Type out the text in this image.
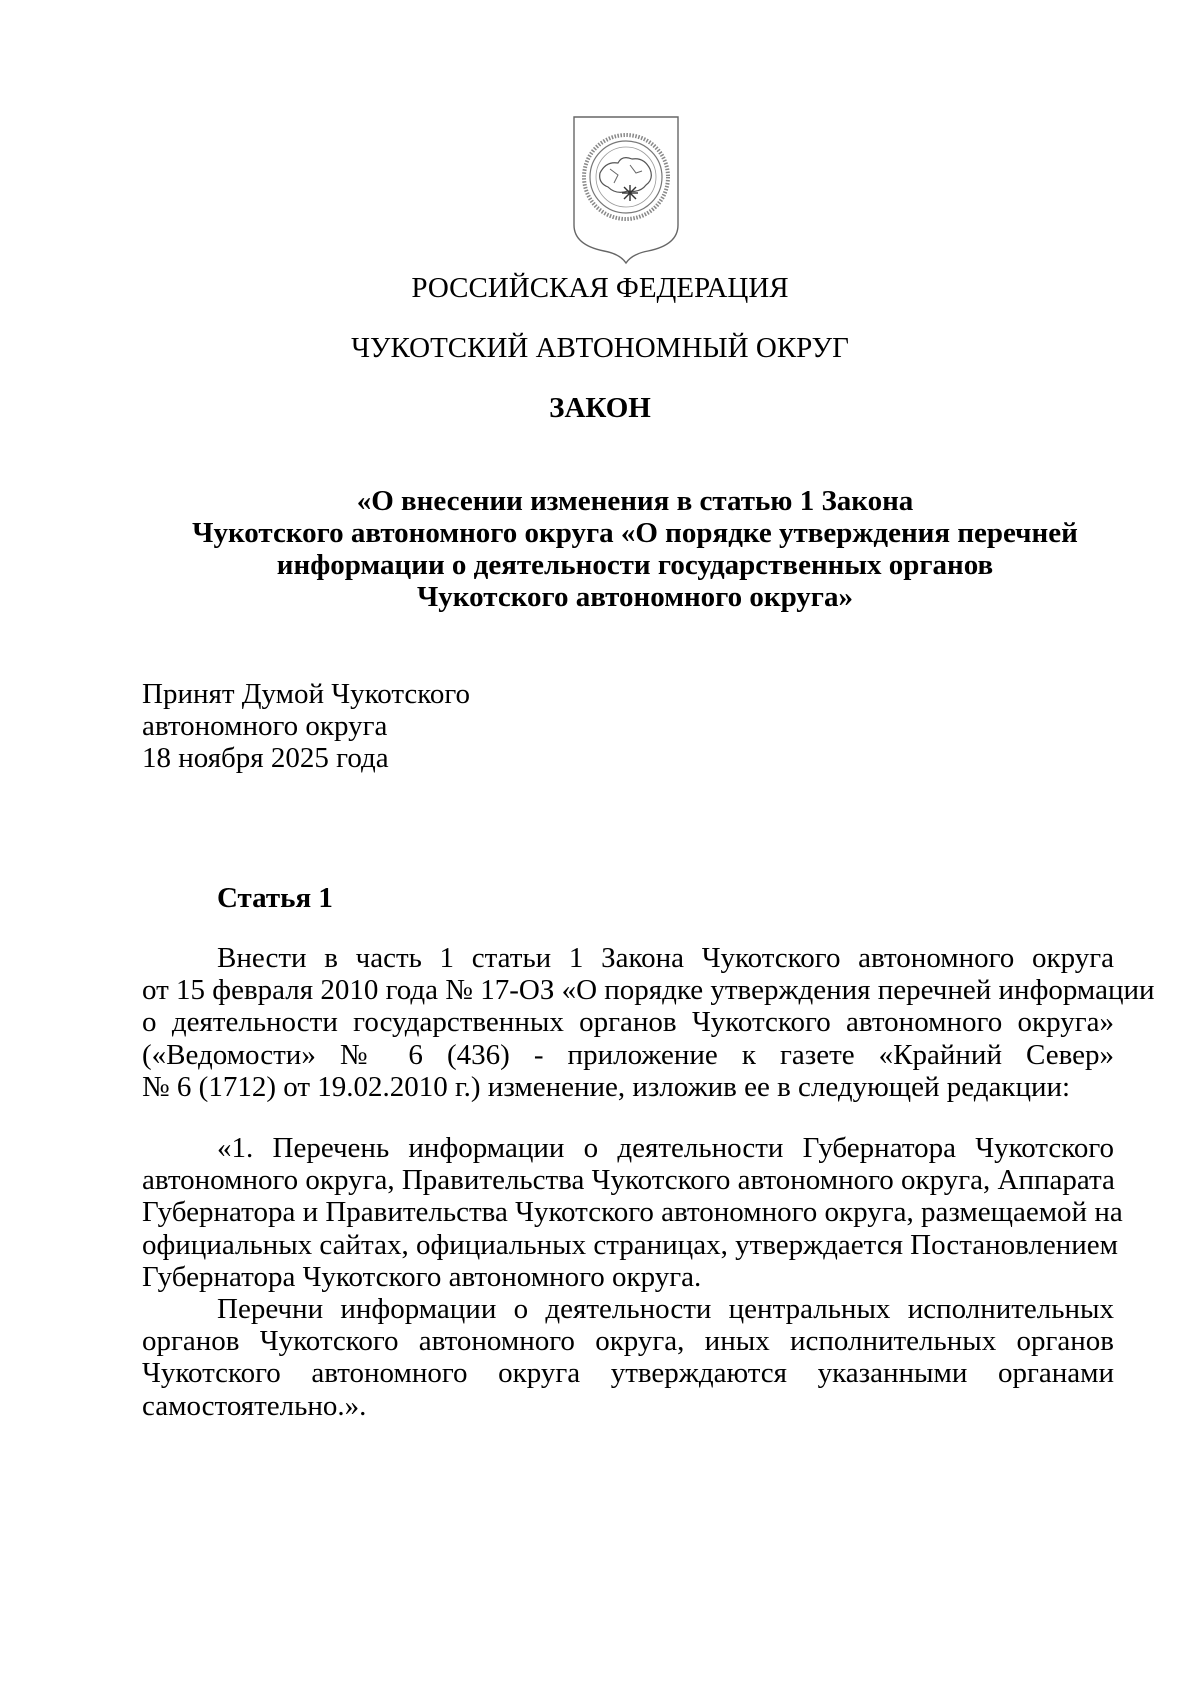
РОССИЙСКАЯ ФЕДЕРАЦИЯ
ЧУКОТСКИЙ АВТОНОМНЫЙ ОКРУГ
ЗАКОН
«О внесении изменения в статью 1 Закона
Чукотского автономного округа «О порядке утверждения перечней
информации о деятельности государственных органов
Чукотского автономного округа»
Принят Думой Чукотского
автономного округа
18 ноября 2025 года
Статья 1
Внести в часть 1 статьи 1 Закона Чукотского автономного округа
от 15 февраля 2010 года № 17-ОЗ «О порядке утверждения перечней информации
о деятельности государственных органов Чукотского автономного округа»
(«Ведомости» № 6 (436) - приложение к газете «Крайний Север»
№ 6 (1712) от 19.02.2010 г.) изменение, изложив ее в следующей редакции:
«1. Перечень информации о деятельности Губернатора Чукотского
автономного округа, Правительства Чукотского автономного округа, Аппарата
Губернатора и Правительства Чукотского автономного округа, размещаемой на
официальных сайтах, официальных страницах, утверждается Постановлением
Губернатора Чукотского автономного округа.
Перечни информации о деятельности центральных исполнительных
органов Чукотского автономного округа, иных исполнительных органов
Чукотского автономного округа утверждаются указанными органами
самостоятельно.».
